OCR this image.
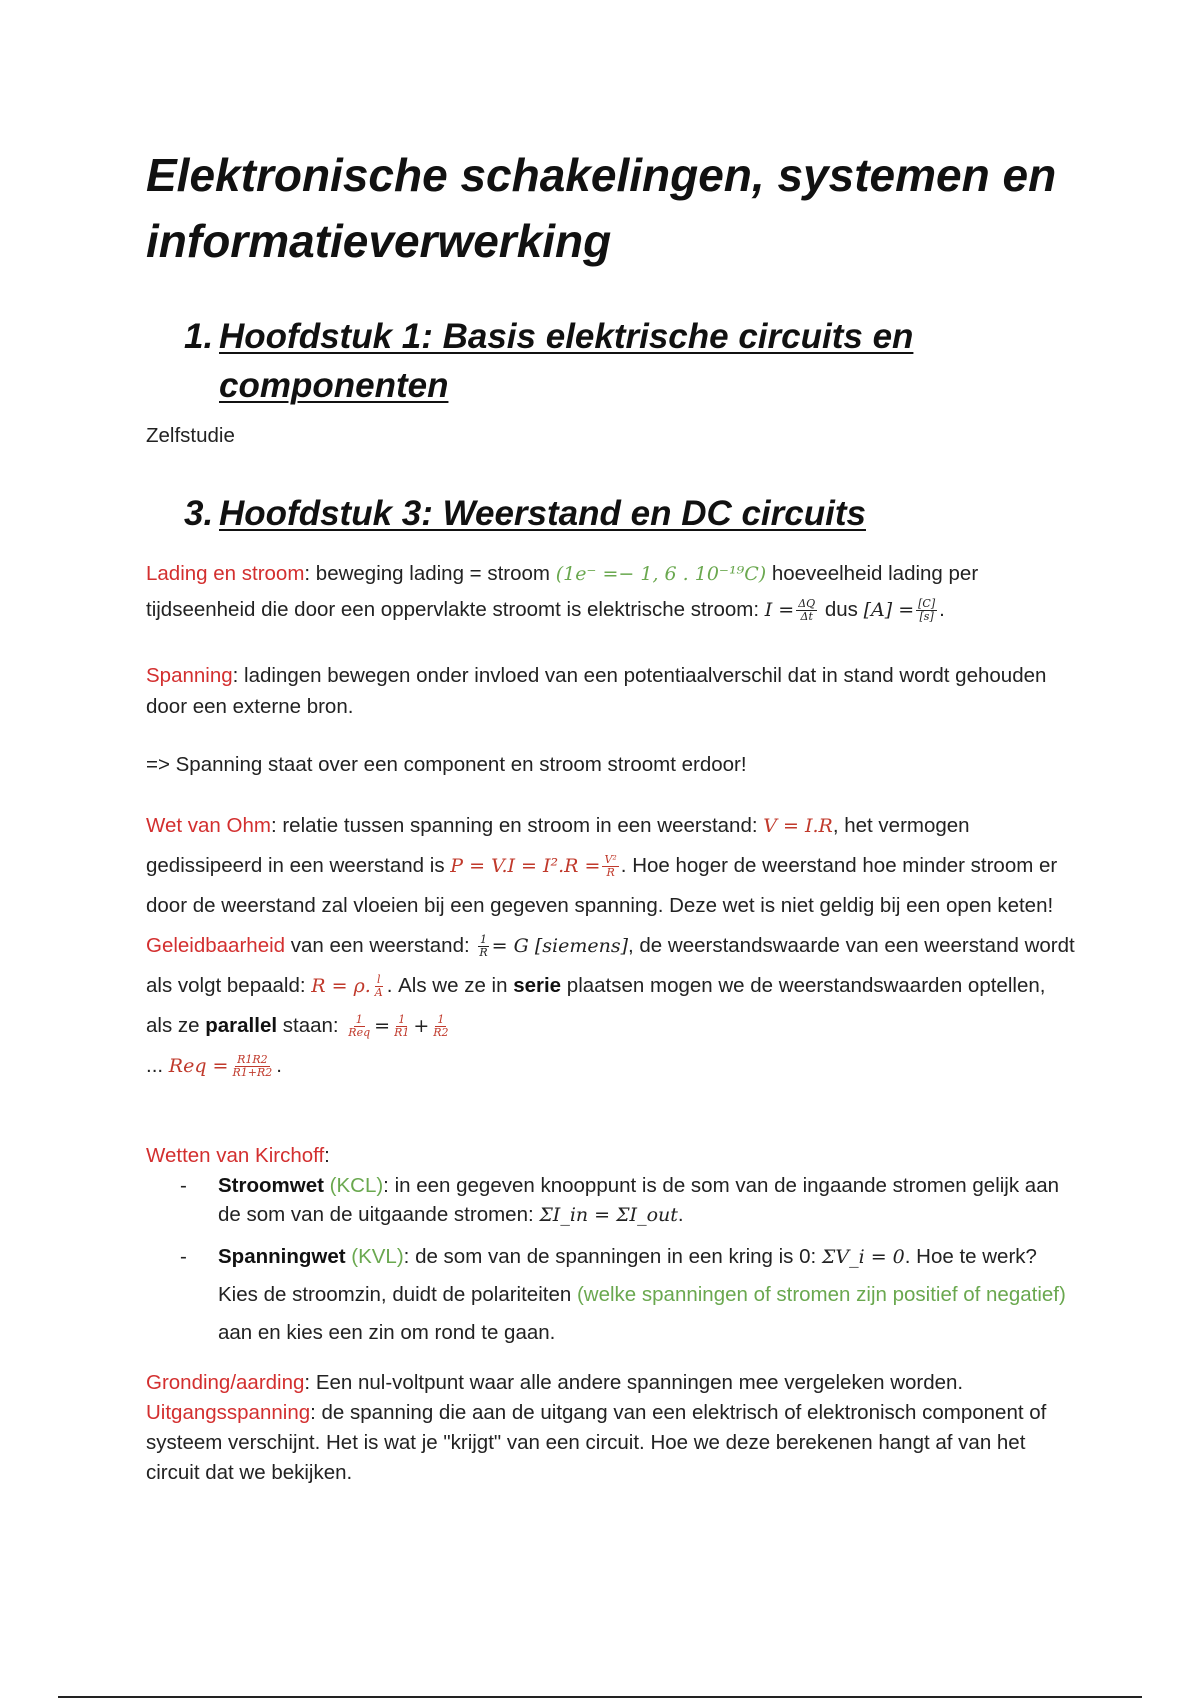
Elektronische schakelingen, systemen en informatieverwerking
1. Hoofdstuk 1: Basis elektrische circuits en componenten

Zelfstudie

3. Hoofdstuk 3: Weerstand en DC circuits

Lading en stroom: beweging lading = stroom (1e⁻ =− 1, 6 . 10⁻¹⁹C) hoeveelheid lading per tijdseenheid die door een oppervlakte stroomt is elektrische stroom: $I = \frac{\Delta Q}{\Delta t}$ dus $[A] = \frac{[C]}{[s]}$ .

Spanning: ladingen bewegen onder invloed van een potentiaalverschil dat in stand wordt gehouden door een externe bron.

=> Spanning staat over een component en stroom stroomt erdoor!

Wet van Ohm: relatie tussen spanning en stroom in een weerstand: V = I.R, het vermogen gedissipeerd in een weerstand is $P = V.I = I^2.R = \frac{\text{V²}}{R}$ . Hoe hoger de weerstand hoe minder stroom er door de weerstand zal vloeien bij een gegeven spanning. Deze wet is niet geldig bij een open keten! Geleidbaarheid van een weerstand: $\frac{1}{R} = G$ [siemens], de weerstandswaarde van een weerstand wordt als volgt bepaald: R = ρ. $\frac{l}{A}$ . Als we ze in serie plaatsen mogen we de weerstandswaarden optellen, als ze parallel staan: $\frac{1}{\text{Req}} = \frac{1}{R1} + \frac{1}{R2}$

... Req = $\frac{R1R2}{R1+R2}$ .

Wetten van Kirchoff:

- Stroomwet (KCL): in een gegeven knooppunt is de som van de ingaande stromen gelijk aan de som van de uitgaande stromen: ΣI_in = ΣI_out.
- Spanningwet (KVL): de som van de spanningen in een kring is 0: ΣV_i = 0. Hoe te werk? Kies de stroomzin, duidt de polariteiten (welke spanningen of stromen zijn positief of negatief) aan en kies een zin om rond te gaan.

Gronding/aarding: Een nul-voltpunt waar alle andere spanningen mee vergeleken worden.
Uitgangsspanning: de spanning die aan de uitgang van een elektrisch of elektronisch component of systeem verschijnt. Het is wat je "krijgt" van een circuit. Hoe we deze berekenen hangt af van het circuit dat we bekijken.
